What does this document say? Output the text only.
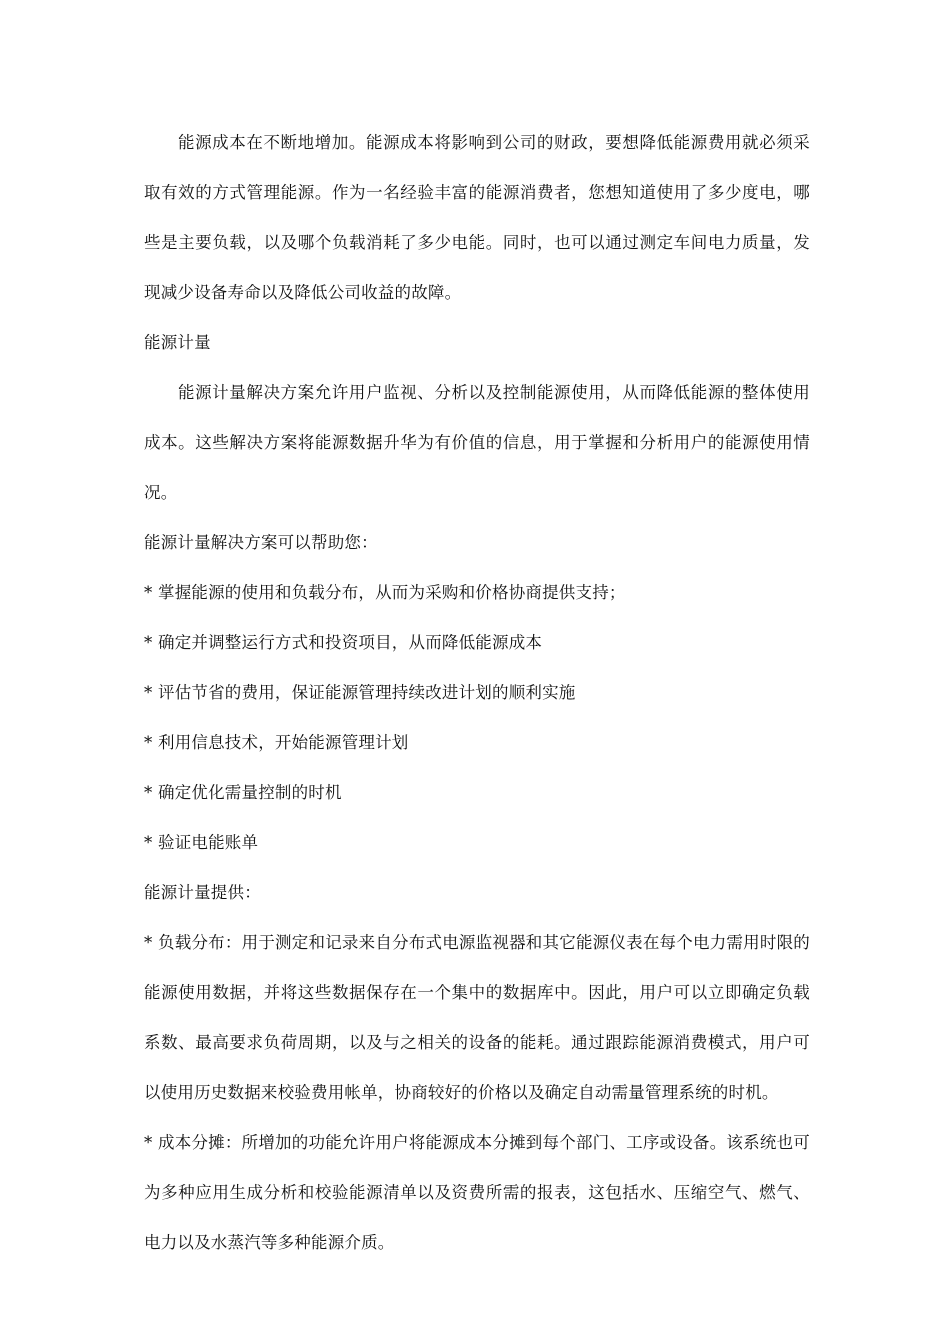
能源成本在不断地增加。能源成本将影响到公司的财政，要想降低能源费用就必须采取有效的方式管理能源。作为一名经验丰富的能源消费者，您想知道使用了多少度电，哪些是主要负载，以及哪个负载消耗了多少电能。同时，也可以通过测定车间电力质量，发现减少设备寿命以及降低公司收益的故障。

能源计量

能源计量解决方案允许用户监视、分析以及控制能源使用，从而降低能源的整体使用成本。这些解决方案将能源数据升华为有价值的信息，用于掌握和分析用户的能源使用情况。

能源计量解决方案可以帮助您：

* 掌握能源的使用和负载分布，从而为采购和价格协商提供支持；

* 确定并调整运行方式和投资项目，从而降低能源成本

* 评估节省的费用，保证能源管理持续改进计划的顺利实施

* 利用信息技术，开始能源管理计划

* 确定优化需量控制的时机

* 验证电能账单

能源计量提供：

* 负载分布：用于测定和记录来自分布式电源监视器和其它能源仪表在每个电力需用时限的能源使用数据，并将这些数据保存在一个集中的数据库中。因此，用户可以立即确定负载系数、最高要求负荷周期，以及与之相关的设备的能耗。通过跟踪能源消费模式，用户可以使用历史数据来校验费用帐单，协商较好的价格以及确定自动需量管理系统的时机。

* 成本分摊：所增加的功能允许用户将能源成本分摊到每个部门、工序或设备。该系统也可为多种应用生成分析和校验能源清单以及资费所需的报表，这包括水、压缩空气、燃气、电力以及水蒸汽等多种能源介质。
